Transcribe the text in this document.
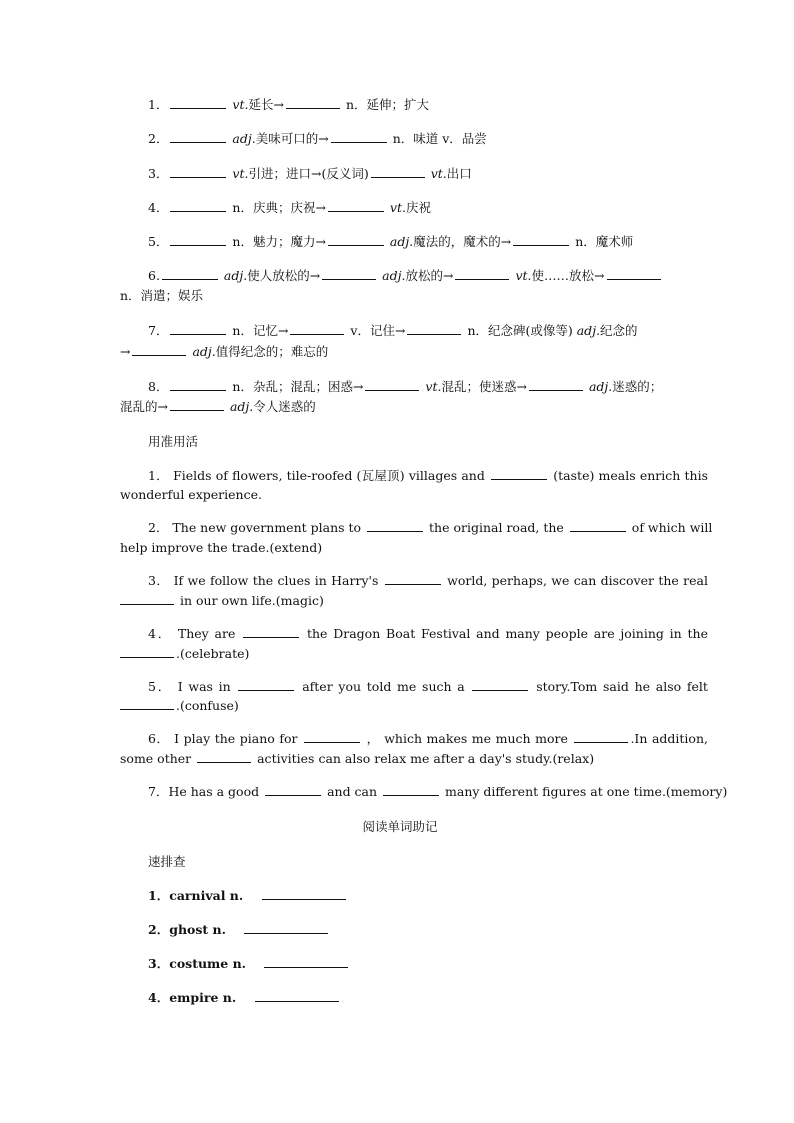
1．	vt.延长→	n．延伸；扩大
2．	adj.美味可口的→	n．味道 v．品尝
3．	vt.引进；进口→(反义词)	vt.出口
4．	n．庆典；庆祝→	vt.庆祝
5．	n．魅力；魔力→	adj.魔法的，魔术的→	n．魔术师
6.	adj.使人放松的→	adj.放松的→	vt.使……放松→
n．消遣；娱乐
7．	n．记忆→	v．记住→	n．纪念碑(或像等) adj.纪念的
→	adj.值得纪念的；难忘的
8．	n．杂乱；混乱；困惑→	vt.混乱；使迷惑→	adj.迷惑的；
混乱的→	adj.令人迷惑的
用准用活
1． Fields of flowers, tile-roofed (瓦屋顶) villages and	(taste) meals enrich this
wonderful experience.
2． The new government plans to	the original road, the	of which will
help improve the trade.(extend)
3． If we follow the clues in Harry's	world, perhaps, we can discover the real
in our own life.(magic)
4． They are	the Dragon Boat Festival and many people are joining in the
.(celebrate)
5． I was in	after you told me such a	story.Tom said he also felt
.(confuse)
6． I play the piano for	， which makes me much more	.In addition,
some other	activities can also relax me after a day's study.(relax)
7．He has a good	and can	many different figures at one time.(memory)
阅读单词助记
速排查
1．carnival n.
2．ghost n.
3．costume n.
4．empire n.
